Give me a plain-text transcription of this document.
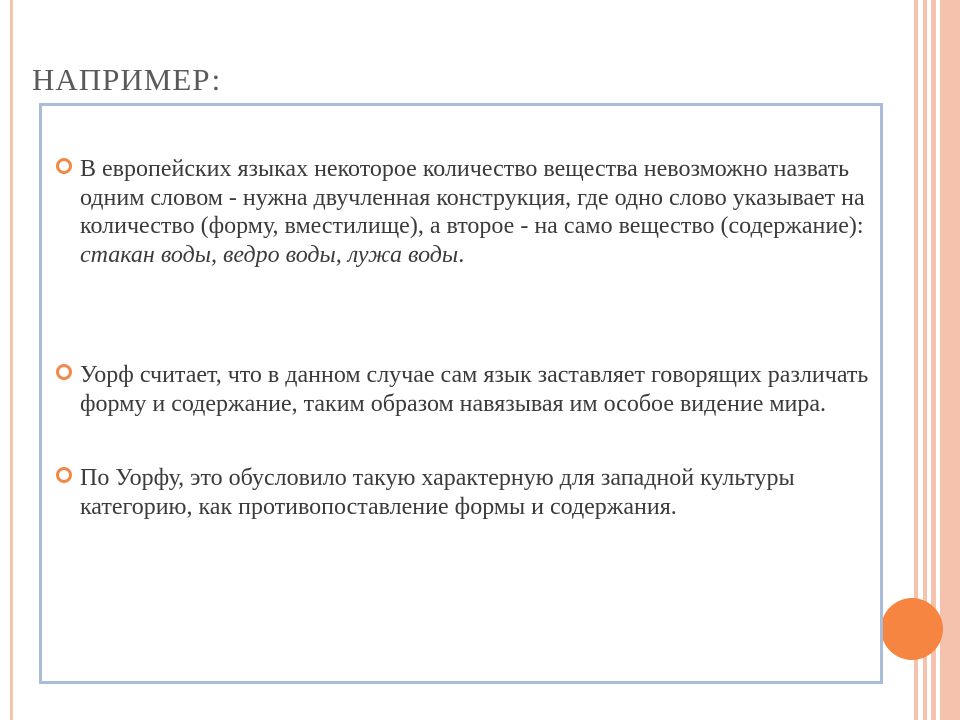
НАПРИМЕР:

В европейских языках некоторое количество вещества невозможно назвать одним словом - нужна двучленная конструкция, где одно слово указывает на количество (форму, вместилище), а второе - на само вещество (содержание): стакан воды, ведро воды, лужа воды.

Уорф считает, что в данном случае сам язык заставляет говорящих различать форму и содержание, таким образом навязывая им особое видение мира.

По Уорфу, это обусловило такую характерную для западной культуры категорию, как противопоставление формы и содержания.
